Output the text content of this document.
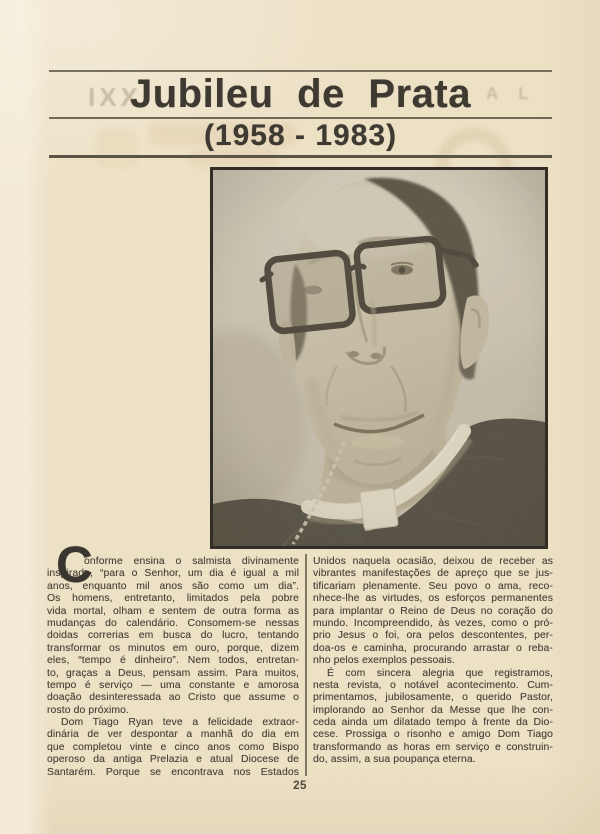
XXI	A L
Jubileu de Prata
(1958 - 1983)
C
onforme ensina o salmista divinamente
inspirado, “para o Senhor, um dia é igual a mil
anos, enquanto mil anos são como um dia”.
Os homens, entretanto, limitados pela pobre
vida mortal, olham e sentem de outra forma as
mudanças do calendário. Consomem-se nessas
doidas correrias em busca do lucro, tentando
transformar os minutos em ouro, porque, dizem
eles, “tempo é dinheiro”. Nem todos, entretan-
to, graças a Deus, pensam assim. Para muitos,
tempo é serviço — uma constante e amorosa
doação desinteressada ao Cristo que assume o
rosto do próximo.
Dom Tiago Ryan teve a felicidade extraor-
dinária de ver despontar a manhã do dia em
que completou vinte e cinco anos como Bispo
operoso da antiga Prelazia e atual Diocese de
Santarém. Porque se encontrava nos Estados
Unidos naquela ocasião, deixou de receber as
vibrantes manifestações de apreço que se jus-
tificariam plenamente. Seu povo o ama, reco-
nhece-lhe as virtudes, os esforços permanentes
para implantar o Reino de Deus no coração do
mundo. Incompreendido, às vezes, como o pró-
prio Jesus o foi, ora pelos descontentes, per-
doa-os e caminha, procurando arrastar o reba-
nho pelos exemplos pessoais.
É com sincera alegria que registramos,
nesta revista, o notável acontecimento. Cum-
primentamos, jubilosamente, o querido Pastor,
implorando ao Senhor da Messe que lhe con-
ceda ainda um dilatado tempo à frente da Dio-
cese. Prossiga o risonho e amigo Dom Tiago
transformando as horas em serviço e construin-
do, assim, a sua poupança eterna.
25
